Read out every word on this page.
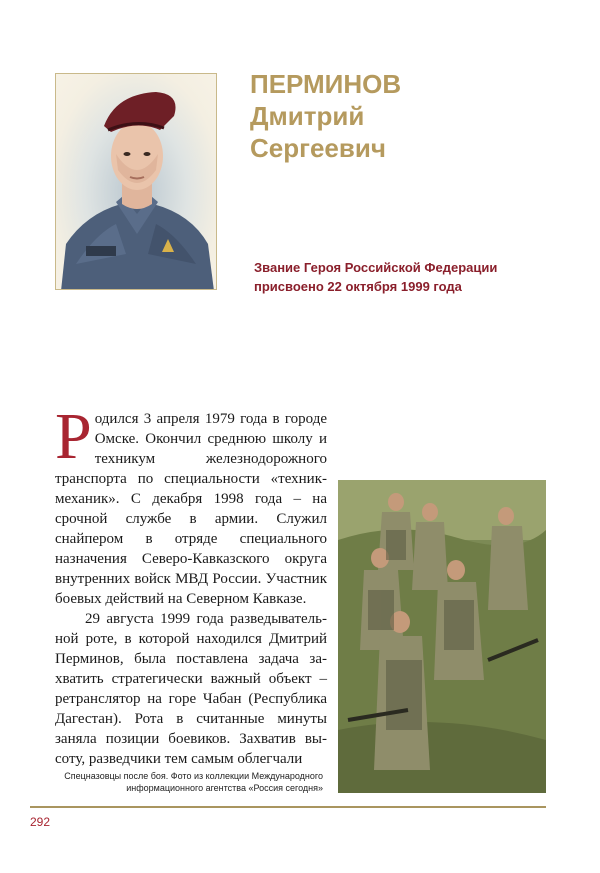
ПЕРМИНОВ
Дмитрий
Сергеевич
Звание Героя Российской Федерации
присвоено 22 октября 1999 года

Р одился 3 апреля 1979 года в городе Омске. Окончил среднюю школу и техникум железнодорожного транспорта по специальности «техник-механик». С декабря 1998 года – на срочной службе в армии. Служил снайпером в отряде специального назначения Северо-Кавказского округа внутренних войск МВД России. Участник боевых действий на Северном Кавказе.

29 августа 1999 года разведывательной роте, в которой находился Дмитрий Перминов, была поставлена задача захватить стратегически важный объект – ретранслятор на горе Чабан (Республика Дагестан). Рота в считанные минуты заняла позиции боевиков. Захватив высоту, разведчики тем самым облегчали

Спецназовцы после боя. Фото из коллекции Международного информационного агентства «Россия сегодня»
292
